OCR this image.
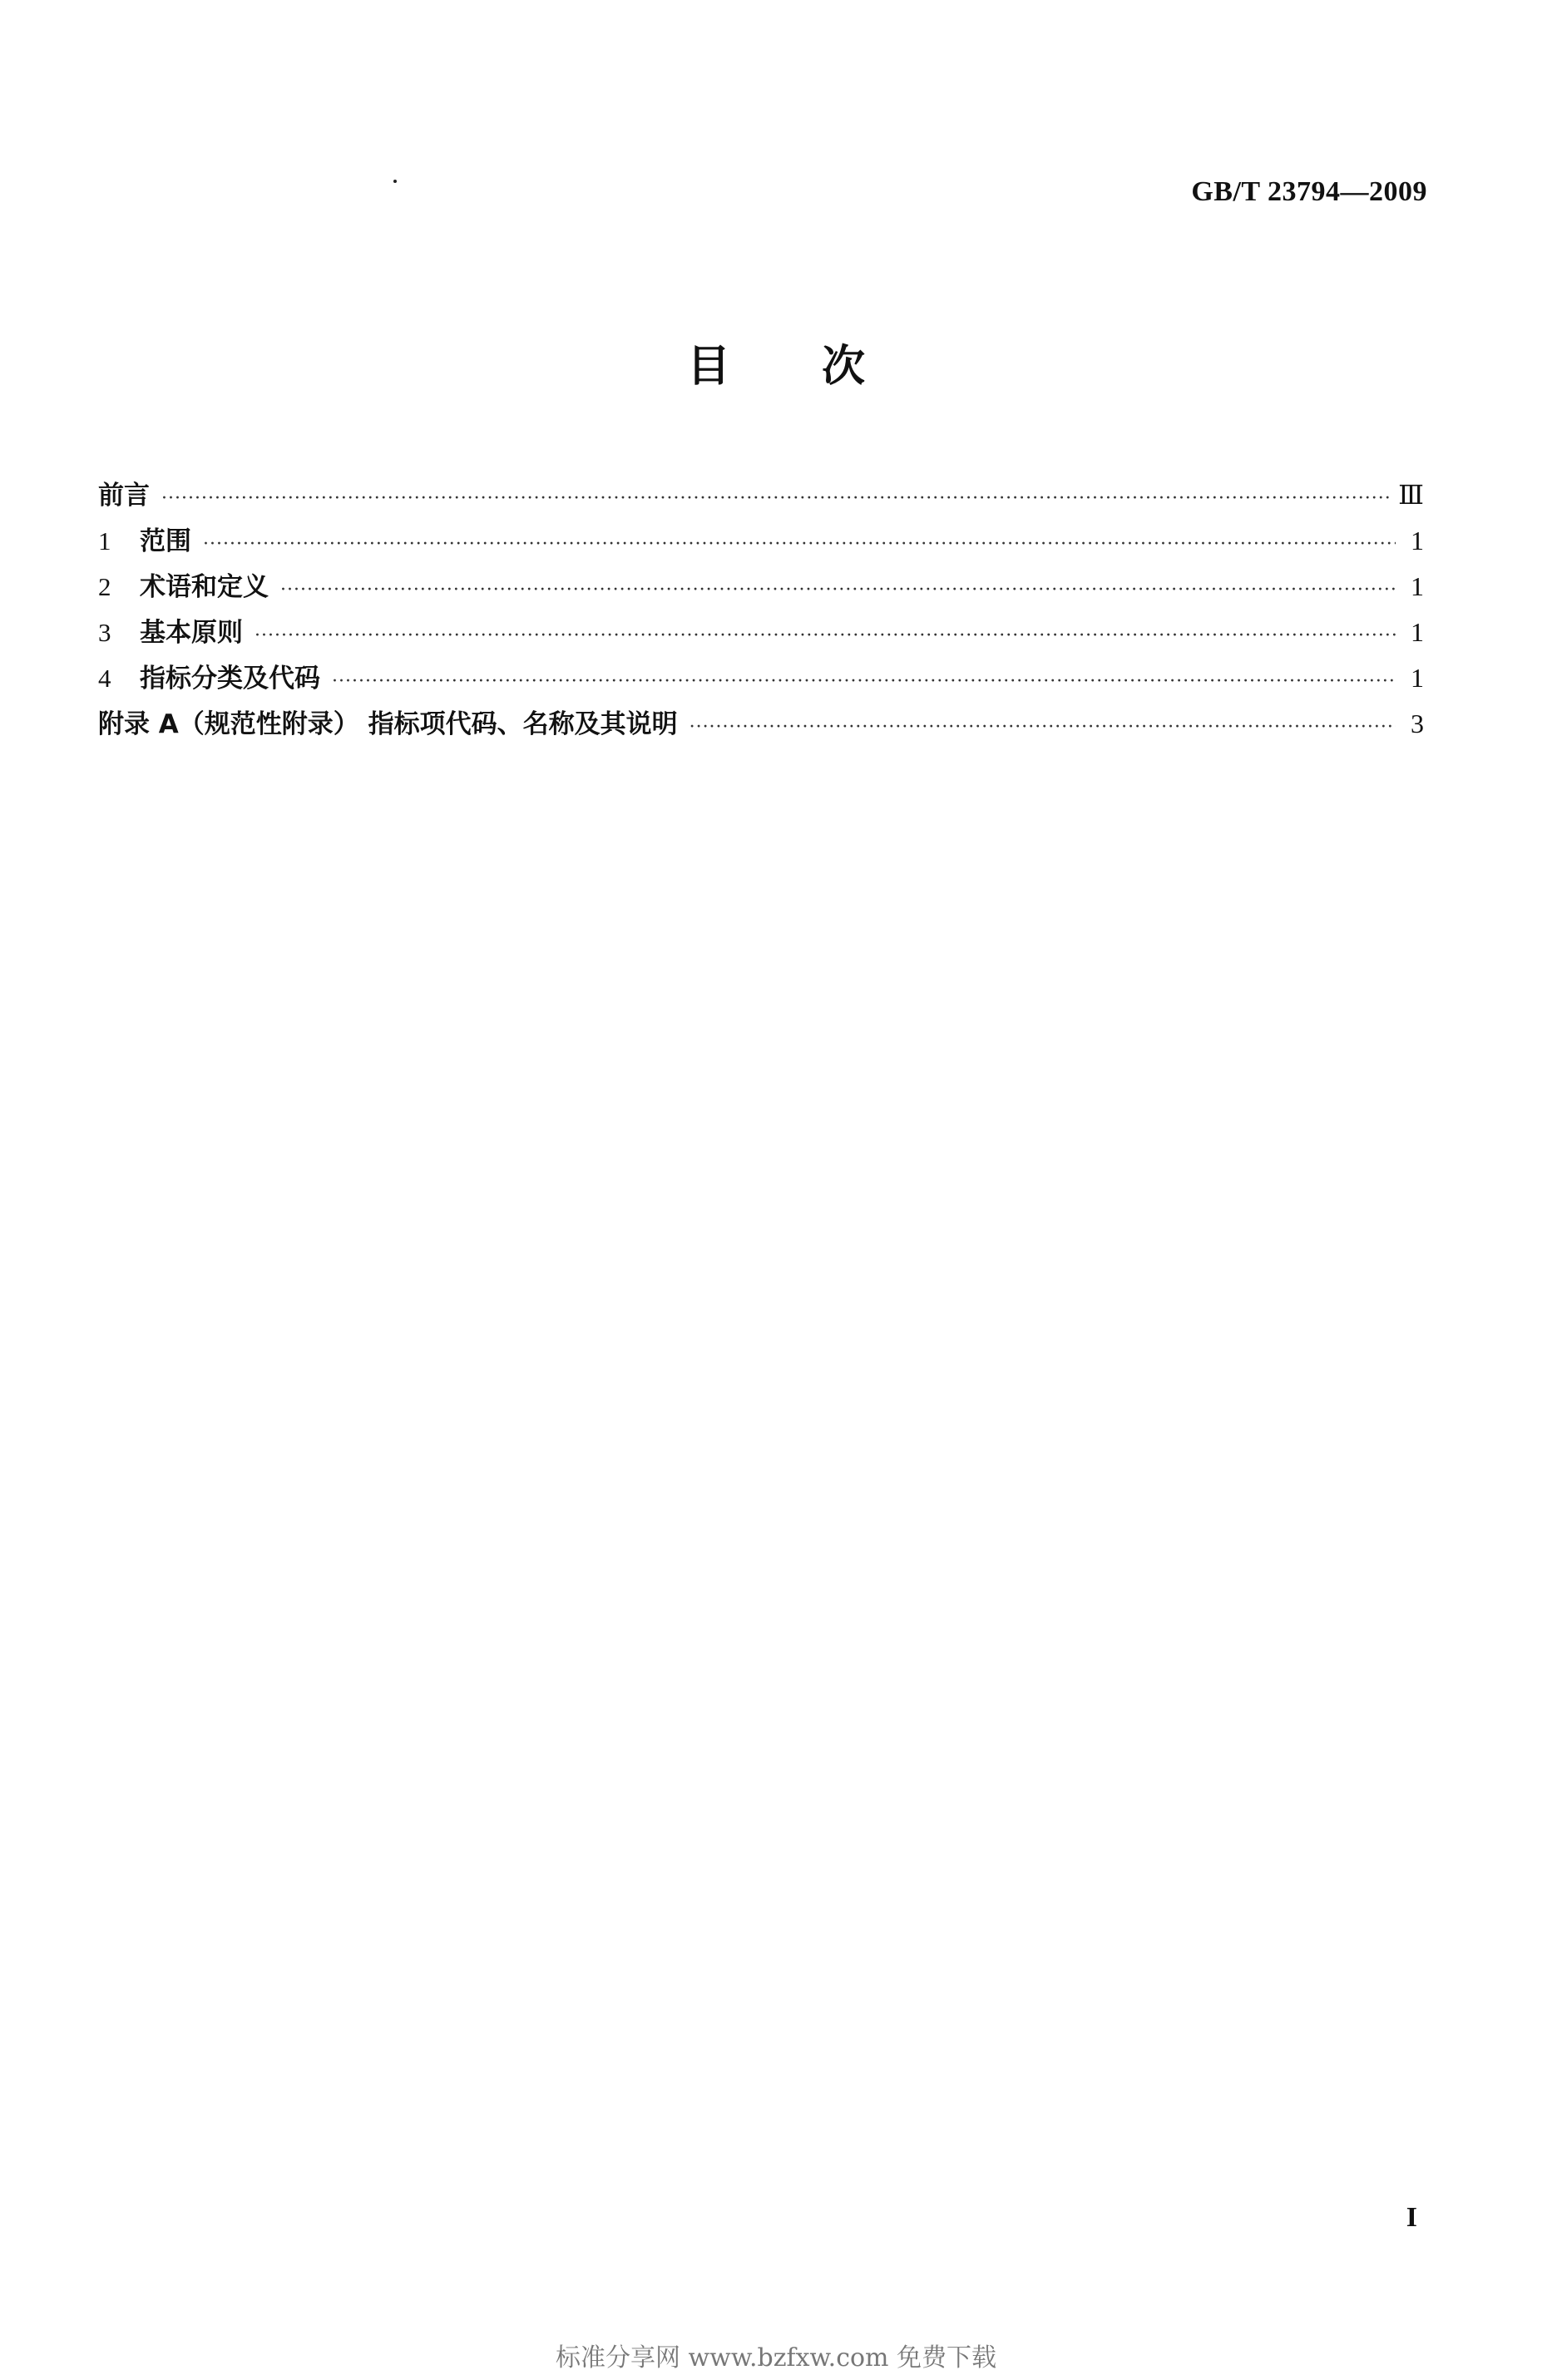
GB/T 23794—2009
目次
前言 ·····	Ⅲ
1	范围 ·····	1
2	术语和定义 ·····	1
3	基本原则 ·····	1
4	指标分类及代码 ·····	1
附录 A（规范性附录） 指标项代码、名称及其说明 ·····	3
I
标准分享网 www.bzfxw.com 免费下载
